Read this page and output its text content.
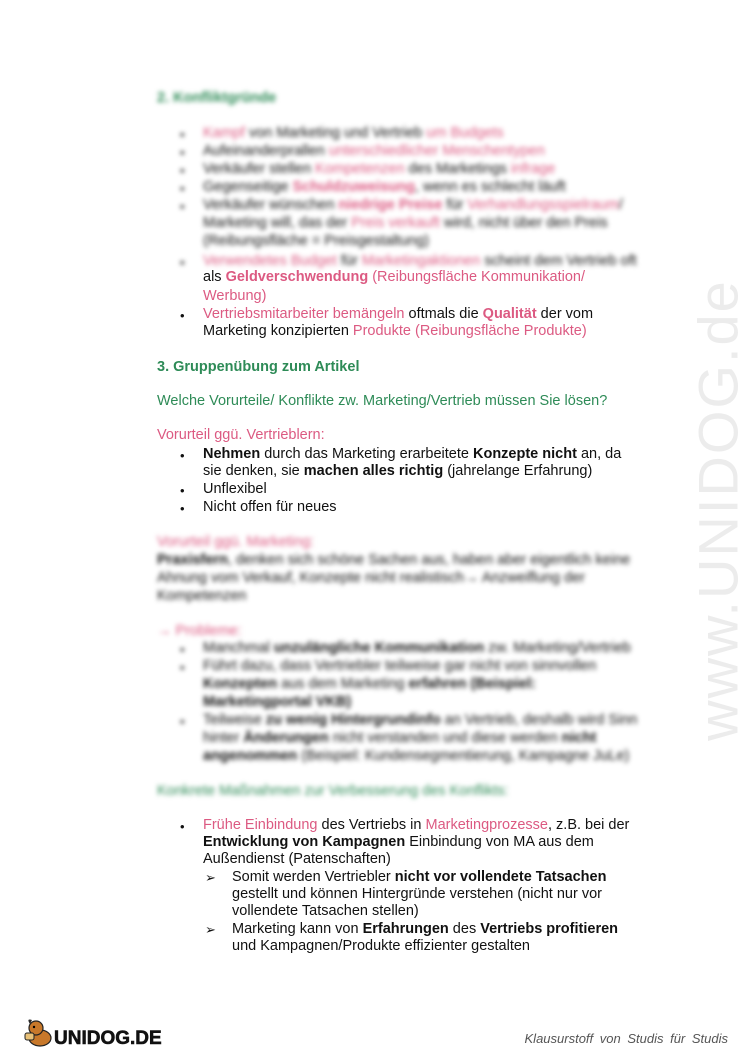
www.UNIDOG.de
2. Konfliktgründe
•	Kampf von Marketing und Vertrieb um Budgets
•	Aufeinanderprallen unterschiedlicher Menschentypen
•	Verkäufer stellen Kompetenzen des Marketings infrage
•	Gegenseitige Schuldzuweisung, wenn es schlecht läuft
•	Verkäufer wünschen niedrige Preise für Verhandlungsspielraum/
Marketing will, das der Preis verkauft wird, nicht über den Preis
(Reibungsfläche = Preisgestaltung)
•	Verwendetes Budget für Marketingaktionen scheint dem Vertrieb oft
als Geldverschwendung (Reibungsfläche Kommunikation/
Werbung)
•	Vertriebsmitarbeiter bemängeln oftmals die Qualität der vom
Marketing konzipierten Produkte (Reibungsfläche Produkte)
3. Gruppenübung zum Artikel
Welche Vorurteile/ Konflikte zw. Marketing/Vertrieb müssen Sie lösen?
Vorurteil ggü. Vertrieblern:
•	Nehmen durch das Marketing erarbeitete Konzepte nicht an, da
sie denken, sie machen alles richtig (jahrelange Erfahrung)
•	Unflexibel
•	Nicht offen für neues
Vorurteil ggü. Marketing:
Praxisfern, denken sich schöne Sachen aus, haben aber eigentlich keine
Ahnung vom Verkauf, Konzepte nicht realistisch→ Anzweiflung der
Kompetenzen
→ Probleme:
•	Manchmal unzulängliche Kommunikation zw. Marketing/Vertrieb
•	Führt dazu, dass Vertriebler teilweise gar nicht von sinnvollen
Konzepten aus dem Marketing erfahren (Beispiel:
Marketingportal VKB)
•	Teilweise zu wenig Hintergrundinfo an Vertrieb, deshalb wird Sinn
hinter Änderungen nicht verstanden und diese werden nicht
angenommen (Beispiel: Kundensegmentierung, Kampagne JuLe)
Konkrete Maßnahmen zur Verbesserung des Konflikts:
•	Frühe Einbindung des Vertriebs in Marketingprozesse, z.B. bei der
Entwicklung von Kampagnen Einbindung von MA aus dem
Außendienst (Patenschaften)
➢ Somit werden Vertriebler nicht vor vollendete Tatsachen
gestellt und können Hintergründe verstehen (nicht nur vor
vollendete Tatsachen stellen)
➢ Marketing kann von Erfahrungen des Vertriebs profitieren
und Kampagnen/Produkte effizienter gestalten
UNIDOG.DE	Klausurstoff von Studis für Studis
